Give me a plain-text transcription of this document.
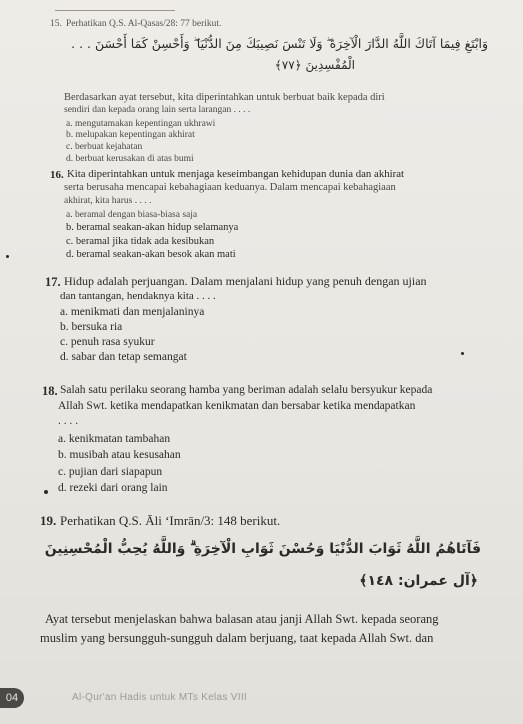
15. Perhatikan Q.S. Al-Qasas/28: 77 berikut.
وَابْتَغِ فِيمَا آتَاكَ اللَّهُ الدَّارَ الْآخِرَةَ ۖ وَلَا تَنْسَ نَصِيبَكَ مِنَ الدُّنْيَا ۖ وَأَحْسِنْ كَمَا أَحْسَنَ . . .
الْمُفْسِدِينَ ﴿٧٧﴾
Berdasarkan ayat tersebut, kita diperintahkan untuk berbuat baik kepada diri
sendiri dan kepada orang lain serta larangan . . . .
a. mengutamakan kepentingan ukhrawi
b. melupakan kepentingan akhirat
c. berbuat kejahatan
d. berbuat kerusakan di atas bumi
16. Kita diperintahkan untuk menjaga keseimbangan kehidupan dunia dan akhirat
serta berusaha mencapai kebahagiaan keduanya. Dalam mencapai kebahagiaan
akhirat, kita harus . . . .
a. beramal dengan biasa-biasa saja
b. beramal seakan-akan hidup selamanya
c. beramal jika tidak ada kesibukan
d. beramal seakan-akan besok akan mati
17. Hidup adalah perjuangan. Dalam menjalani hidup yang penuh dengan ujian
dan tantangan, hendaknya kita . . . .
a. menikmati dan menjalaninya
b. bersuka ria
c. penuh rasa syukur
d. sabar dan tetap semangat
18. Salah satu perilaku seorang hamba yang beriman adalah selalu bersyukur kepada
Allah Swt. ketika mendapatkan kenikmatan dan bersabar ketika mendapatkan
. . . .
a. kenikmatan tambahan
b. musibah atau kesusahan
c. pujian dari siapapun
d. rezeki dari orang lain
19. Perhatikan Q.S. Āli ʻImrān/3: 148 berikut.
فَآتَاهُمُ اللَّهُ ثَوَابَ الدُّنْيَا وَحُسْنَ ثَوَابِ الْآخِرَةِ ۗ وَاللَّهُ يُحِبُّ الْمُحْسِنِينَ
﴿آل عمران: ١٤٨﴾
Ayat tersebut menjelaskan bahwa balasan atau janji Allah Swt. kepada seorang
muslim yang bersungguh-sungguh dalam berjuang, taat kepada Allah Swt. dan
04	Al-Qur'an Hadis untuk MTs Kelas VIII
